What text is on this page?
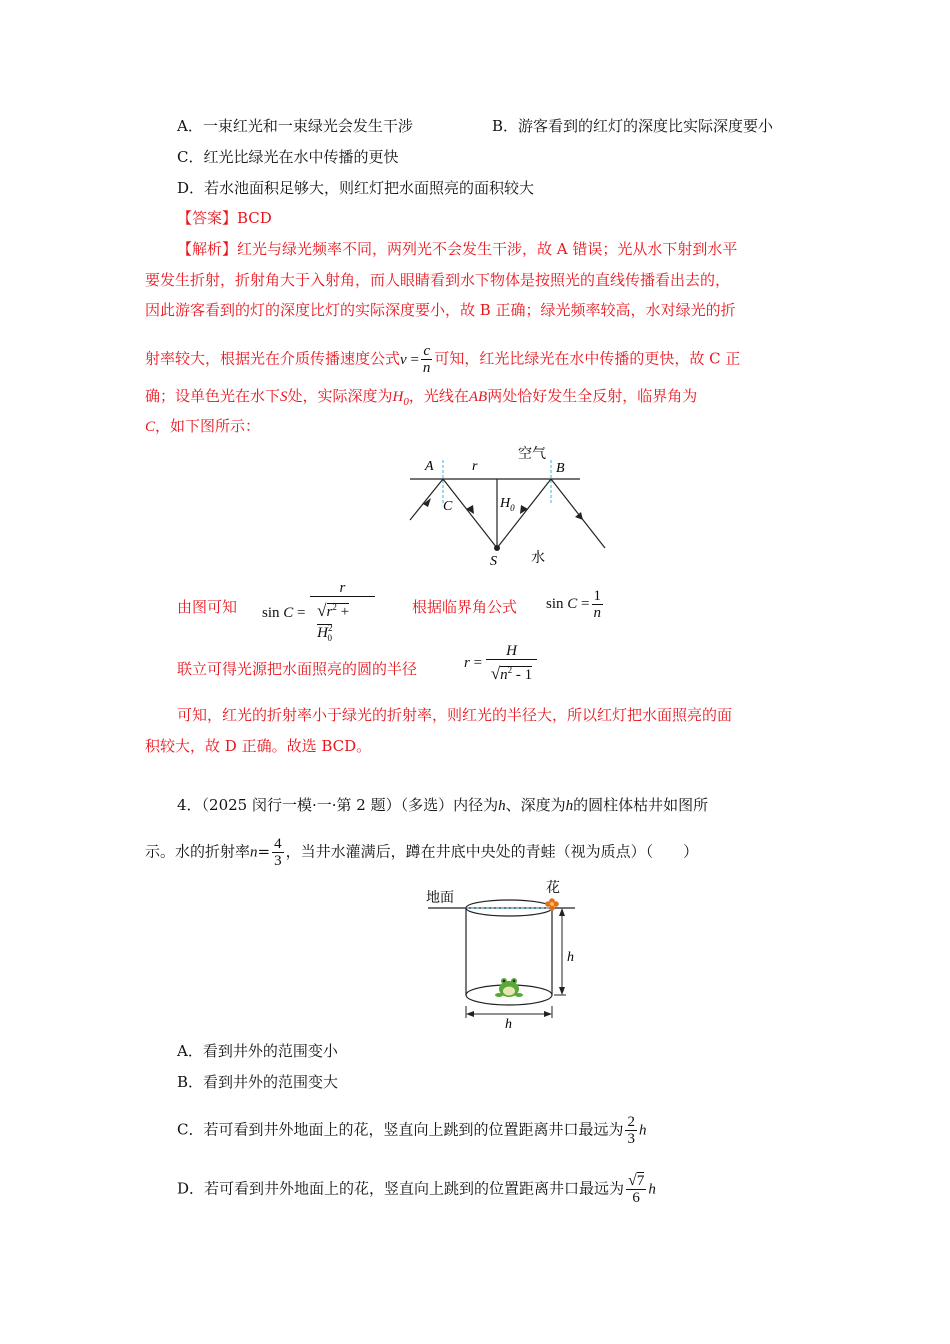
A．一束红光和一束绿光会发生干涉	B．游客看到的红灯的深度比实际深度要小
C．红光比绿光在水中传播的更快
D．若水池面积足够大，则红灯把水面照亮的面积较大
【答案】BCD
【解析】红光与绿光频率不同，两列光不会发生干涉，故 A 错误；光从水下射到水平
要发生折射，折射角大于入射角，而人眼睛看到水下物体是按照光的直线传播看出去的，
因此游客看到的灯的深度比灯的实际深度要小，故 B 正确；绿光频率较高，水对绿光的折
射率较大，根据光在介质传播速度公式$v = \frac{c}{n}$ 可知，红光比绿光在水中传播的更快，故 C 正
确；设单色光在水下S处，实际深度为$H_0$，光线在AB两处恰好发生全反射，临界角为
C，如下图所示：
A	r
空气
B
C	$H_0$
S 水
由图可知 sin
C
= $\frac{r}{√r^2 + H^2_0}$ 根据临界角公式 sin
$C = \frac{1}{n}$
联立可得光源把水面照亮的圆的半径	$r = \frac{H}{√n^2 - 1}$
可知，红光的折射率小于绿光的折射率，则红光的半径大，所以红灯把水面照亮的面
积较大，故 D 正确。故选 BCD。
4．（2025 闵行一模·一·第 2 题）（多选）内径为h、深度为h的圆柱体枯井如图所
示。水的折射率$n= \frac{4}{3}$ ，当井水灌满后，蹲在井底中央处的青蛙（视为质点）（　　）
地面
花
h
h
A．看到井外的范围变小
B．看到井外的范围变大
C．若可看到井外地面上的花，竖直向上跳到的位置距离井口最远为 $\frac{2}{3}$ h
D．若可看到井外地面上的花，竖直向上跳到的位置距离井口最远为 $\frac{√7}{6}$ h
